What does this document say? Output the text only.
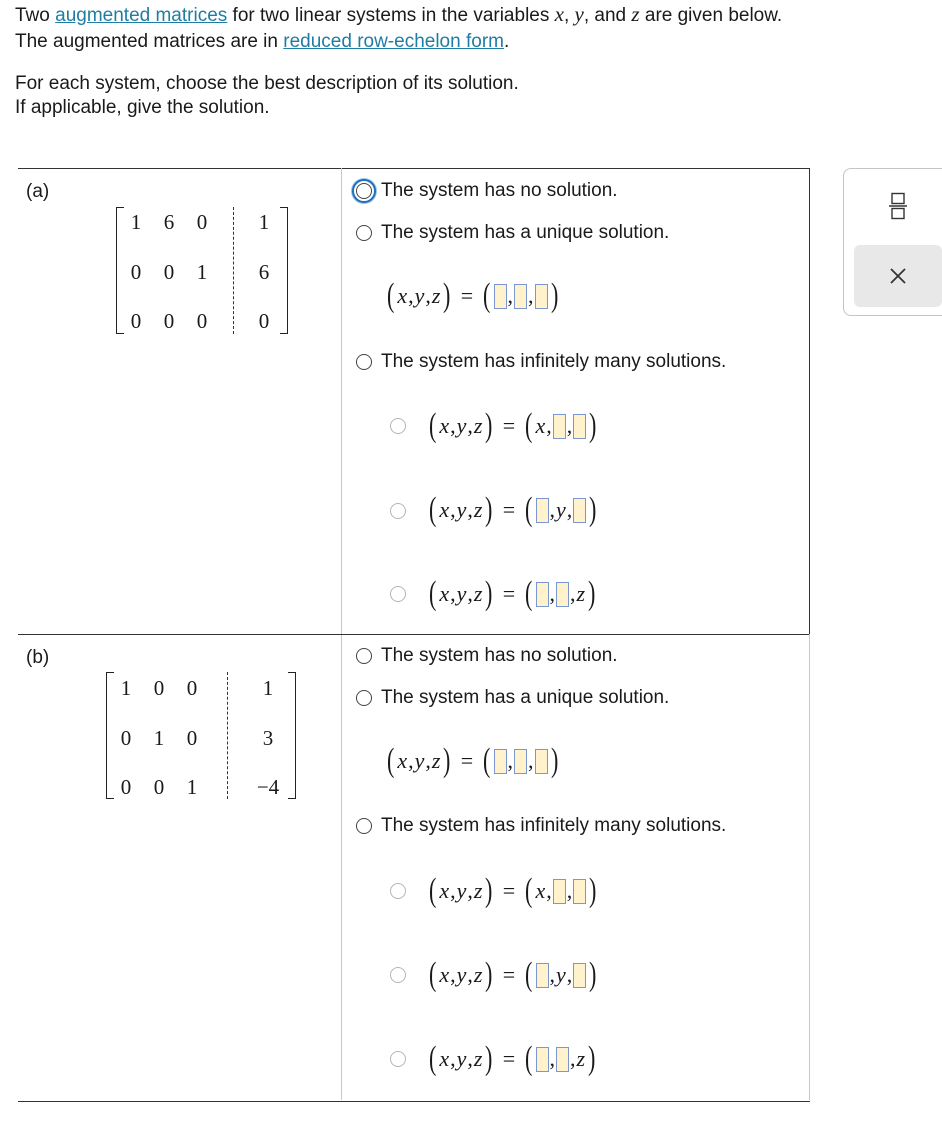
Two augmented matrices for two linear systems in the variables x, y, and z are given below.
The augmented matrices are in reduced row-echelon form.
For each system, choose the best description of its solution.
If applicable, give the solution.
(a)
1 6 0	1
0 0 1	6
0 0 0	0
The system has no solution.
The system has a unique solution.
( x , y , z ) = ( , , )
The system has infinitely many solutions.
( x , y , z ) = ( x , , )
( x , y , z ) = ( , y , )
( x , y , z ) = ( , , z )
(b)
1 0 0	1
0 1 0	3
0 0 1	−4
The system has no solution.
The system has a unique solution.
( x , y , z ) = ( , , )
The system has infinitely many solutions.
( x , y , z ) = ( x , , )
( x , y , z ) = ( , y , )
( x , y , z ) = ( , , z )
